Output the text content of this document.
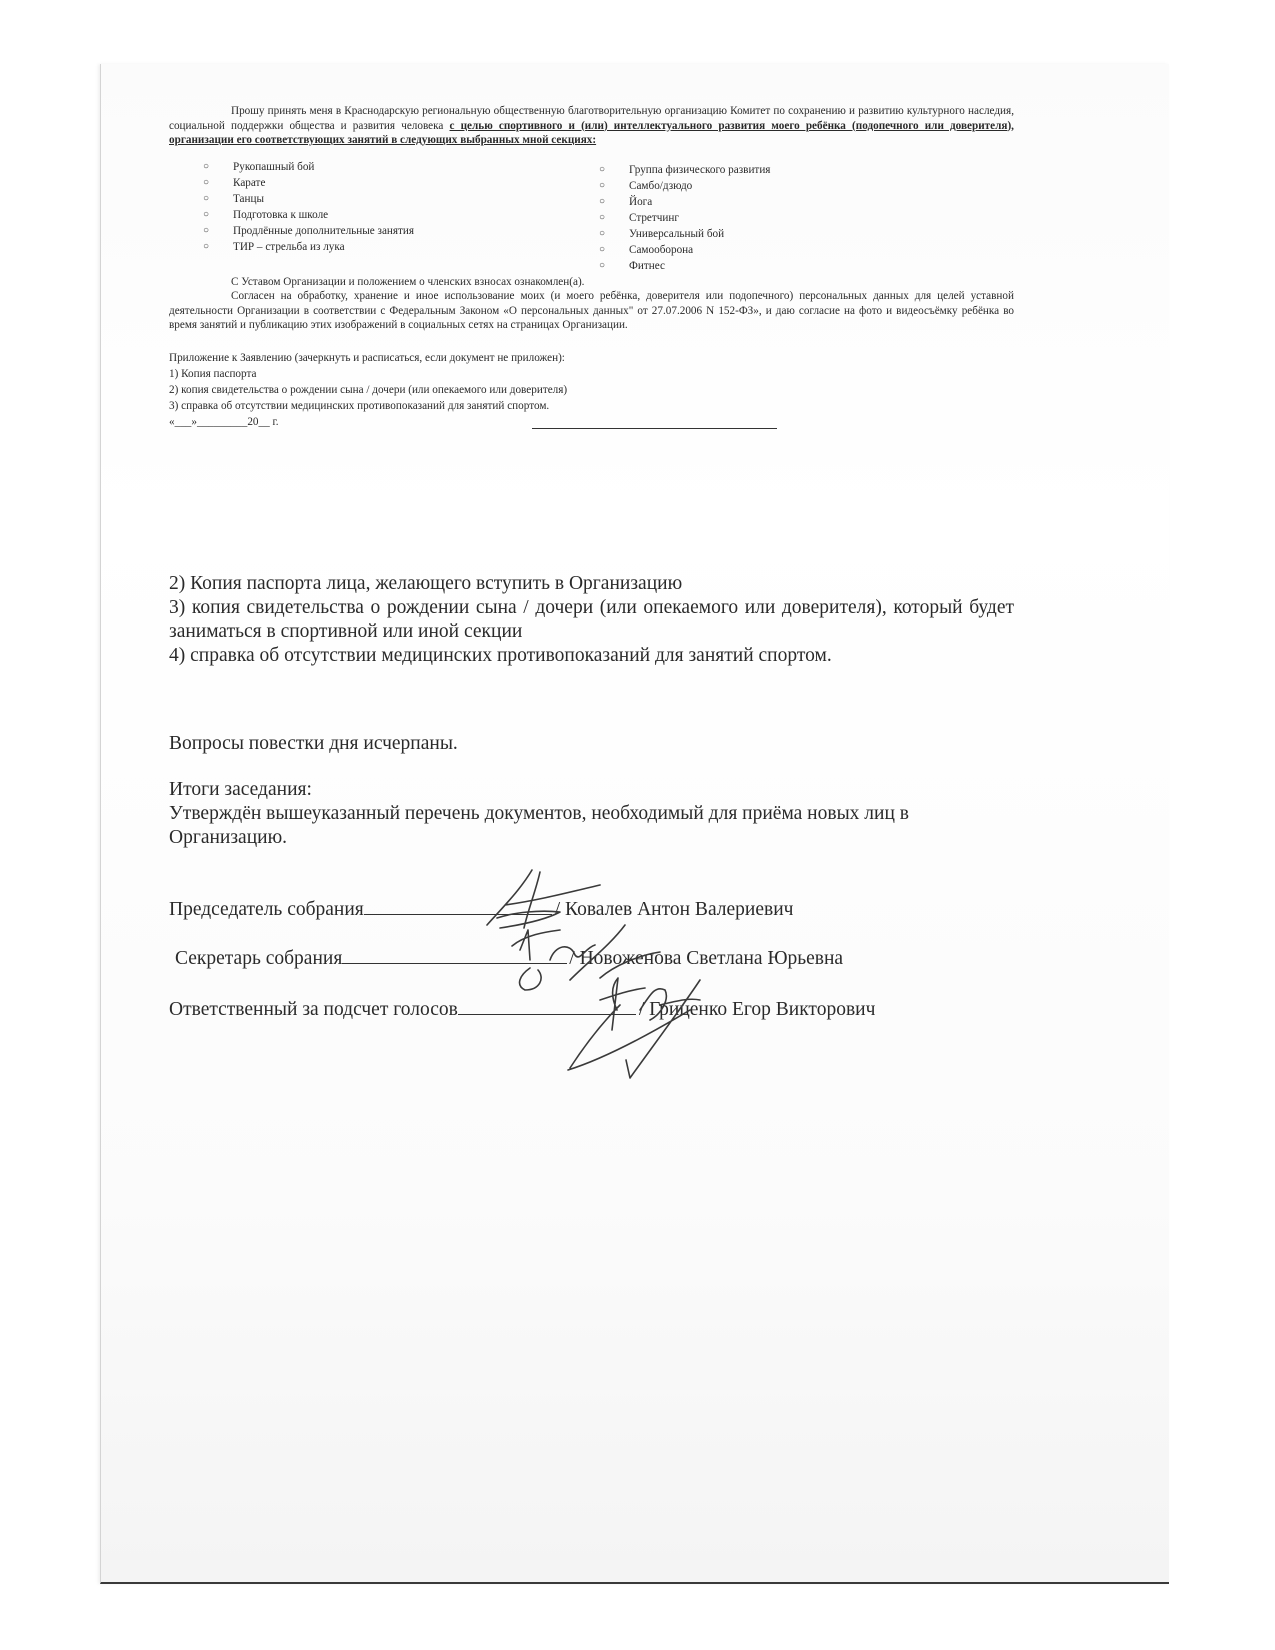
Прошу принять меня в Краснодарскую региональную общественную благотворительную организацию Комитет по сохранению и развитию культурного наследия, социальной поддержки общества и развития человека с целью спортивного и (или) интеллектуального развития моего ребёнка (подопечного или доверителя), организации его соответствующих занятий в следующих выбранных мной секциях:

○	Рукопашный бой
○	Карате
○	Танцы
○	Подготовка к школе
○	Продлённые дополнительные занятия
○	ТИР – стрельба из лука
○	Группа физического развития
○	Самбо/дзюдо
○	Йога
○	Стретчинг
○	Универсальный бой
○	Самооборона
○	Фитнес

С Уставом Организации и положением о членских взносах ознакомлен(а).

Согласен на обработку, хранение и иное использование моих (и моего ребёнка, доверителя или подопечного) персональных данных для целей уставной деятельности Организации в соответствии с Федеральным Законом «О персональных данных" от 27.07.2006 N 152-ФЗ», и даю согласие на фото и видеосъёмку ребёнка во время занятий и публикацию этих изображений в социальных сетях на страницах Организации.

Приложение к Заявлению (зачеркнуть и расписаться, если документ не приложен):
1) Копия паспорта
2) копия свидетельства о рождении сына / дочери (или опекаемого или доверителя)
3) справка об отсутствии медицинских противопоказаний для занятий спортом.
«___»_________20__ г.

2) Копия паспорта лица, желающего вступить в Организацию

3) копия свидетельства о рождении сына / дочери (или опекаемого или доверителя), который будет заниматься в спортивной или иной секции

4) справка об отсутствии медицинских противопоказаний для занятий спортом.

Вопросы повестки дня исчерпаны.

Итоги заседания:

Утверждён вышеуказанный перечень документов, необходимый для приёма новых лиц в Организацию.

Председатель собрания	/ Ковалев Антон Валериевич
Секретарь собрания	/ Новоженова Светлана Юрьевна
Ответственный за подсчет голосов	/ Гриценко Егор Викторович
